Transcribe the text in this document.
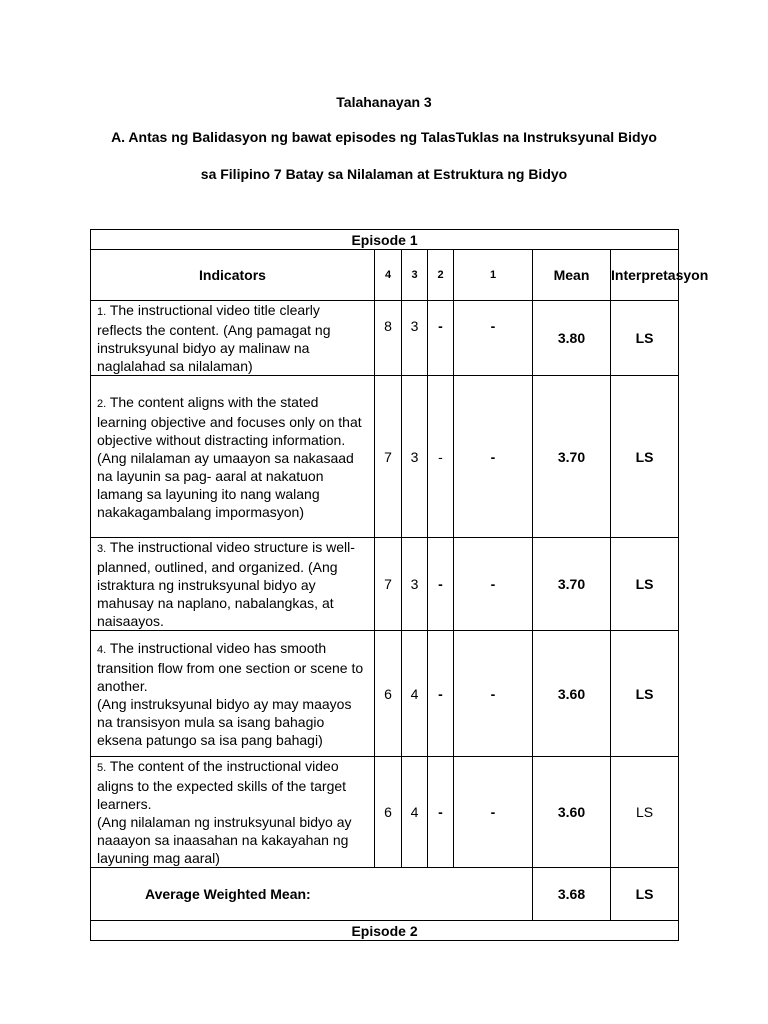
Talahanayan 3
A. Antas ng Balidasyon ng bawat episodes ng TalasTuklas na Instruksyunal Bidyo
sa Filipino 7 Batay sa Nilalaman at Estruktura ng Bidyo
Episode 1						
Indicators	4	3	2	1	Mean	Interpretasyon
1. The instructional video title clearly reflects the content. (Ang pamagat ng instruksyunal bidyo ay malinaw na naglalahad sa nilalaman)	8	3	-	-	3.80	LS
2. The content aligns with the stated learning objective and focuses only on that objective without distracting information.
(Ang nilalaman ay umaayon sa nakasaad na layunin sa pag- aaral at nakatuon lamang sa layuning ito nang walang nakakagambalang impormasyon)	7	3	-	-	3.70	LS
3. The instructional video structure is well-planned, outlined, and organized. (Ang istraktura ng instruksyunal bidyo ay mahusay na naplano, nabalangkas, at naisaayos.	7	3	-	-	3.70	LS
4. The instructional video has smooth transition flow from one section or scene to another.
(Ang instruksyunal bidyo ay may maayos na transisyon mula sa isang bahagio eksena patungo sa isa pang bahagi)	6	4	-	-	3.60	LS
5. The content of the instructional video aligns to the expected skills of the target learners.
(Ang nilalaman ng instruksyunal bidyo ay naaayon sa inaasahan na kakayahan ng layuning mag aaral)	6	4	-	-	3.60	LS
Average Weighted Mean:					3.68	LS
Episode 2						
